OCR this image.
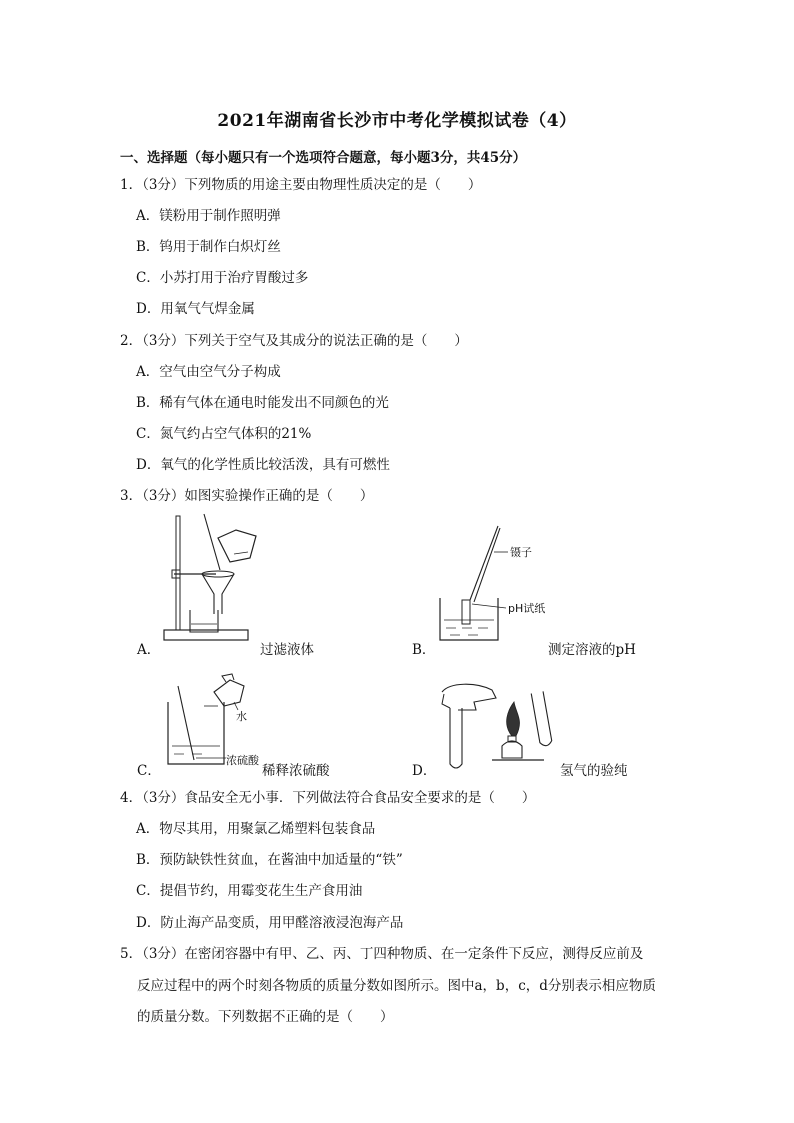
2021年湖南省长沙市中考化学模拟试卷（4）
一、选择题（每小题只有一个选项符合题意，每小题3分，共45分）
1．（3分）下列物质的用途主要由物理性质决定的是（　　）
A．镁粉用于制作照明弹
B．钨用于制作白炽灯丝
C．小苏打用于治疗胃酸过多
D．用氧气气焊金属
2．（3分）下列关于空气及其成分的说法正确的是（　　）
A．空气由空气分子构成
B．稀有气体在通电时能发出不同颜色的光
C．氮气约占空气体积的21%
D．氧气的化学性质比较活泼，具有可燃性
3．（3分）如图实验操作正确的是（　　）
A．	过滤液体
镊子
pH试纸
B．	测定溶液的pH
水
浓硫酸
C．	稀释浓硫酸	D．	氢气的验纯
4．（3分）食品安全无小事．下列做法符合食品安全要求的是（　　）
A．物尽其用，用聚氯乙烯塑料包装食品
B．预防缺铁性贫血，在酱油中加适量的“铁”
C．提倡节约，用霉变花生生产食用油
D．防止海产品变质，用甲醛溶液浸泡海产品
5．（3分）在密闭容器中有甲、乙、丙、丁四种物质、在一定条件下反应，测得反应前及
反应过程中的两个时刻各物质的质量分数如图所示。图中a，b，c，d分别表示相应物质
的质量分数。下列数据不正确的是（　　）
